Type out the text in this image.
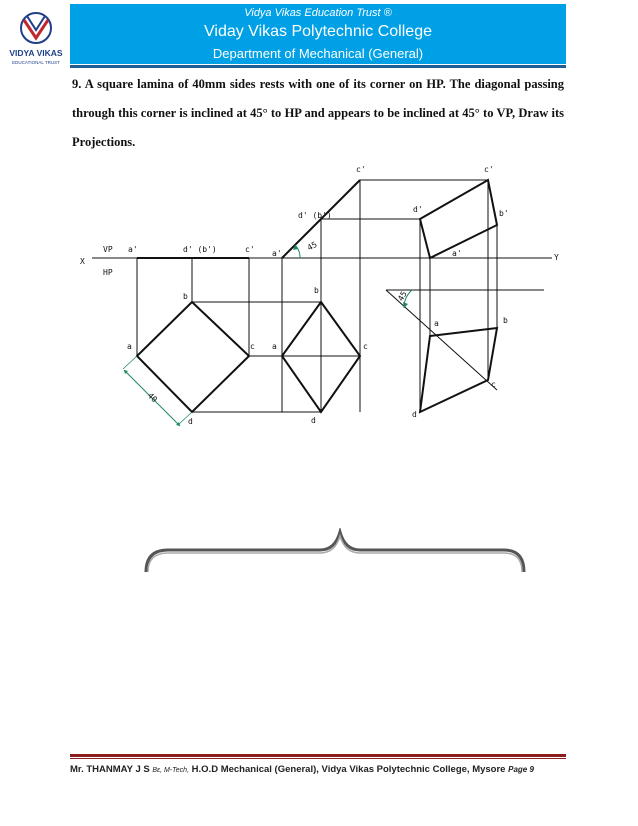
VIDYA VIKAS
EDUCATIONAL TRUST
Vidya Vikas Education Trust ®
Viday Vikas Polytechnic College
Department of Mechanical (General)
9. A square lamina of 40mm sides rests with one of its corner on HP. The diagonal passing through this corner is inclined at 45° to HP and appears to be inclined at 45° to VP, Draw its Projections.
X	Y
VP
HP
a'	d' (b')	c' a'
c'
d' (b')
45
a'
c'
d'	b'
45
b
a	c
d
b
a	c
d
a	b
c
d
40
Mr. THANMAY J S Bε, M-Tech, H.O.D Mechanical (General), Vidya Vikas Polytechnic College, Mysore Page 9
